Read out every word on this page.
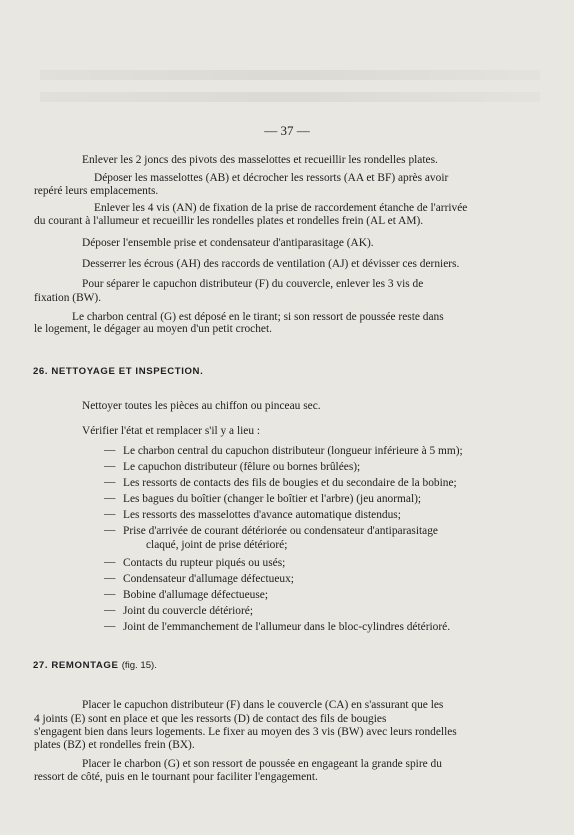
— 37 —
Enlever les 2 joncs des pivots des masselottes et recueillir les rondelles plates.
Déposer les masselottes (AB) et décrocher les ressorts (AA et BF) après avoir
repéré leurs emplacements.
Enlever les 4 vis (AN) de fixation de la prise de raccordement étanche de l'arrivée
du courant à l'allumeur et recueillir les rondelles plates et rondelles frein (AL et AM).
Déposer l'ensemble prise et condensateur d'antiparasitage (AK).
Desserrer les écrous (AH) des raccords de ventilation (AJ) et dévisser ces derniers.
Pour séparer le capuchon distributeur (F) du couvercle, enlever les 3 vis de
fixation (BW).
Le charbon central (G) est déposé en le tirant; si son ressort de poussée reste dans
le logement, le dégager au moyen d'un petit crochet.
26. NETTOYAGE ET INSPECTION.
Nettoyer toutes les pièces au chiffon ou pinceau sec.
Vérifier l'état et remplacer s'il y a lieu :
— Le charbon central du capuchon distributeur (longueur inférieure à 5 mm);
— Le capuchon distributeur (fêlure ou bornes brûlées);
— Les ressorts de contacts des fils de bougies et du secondaire de la bobine;
— Les bagues du boîtier (changer le boîtier et l'arbre) (jeu anormal);
— Les ressorts des masselottes d'avance automatique distendus;
— Prise d'arrivée de courant détériorée ou condensateur d'antiparasitage
claqué, joint de prise détérioré;
— Contacts du rupteur piqués ou usés;
— Condensateur d'allumage défectueux;
— Bobine d'allumage défectueuse;
— Joint du couvercle détérioré;
— Joint de l'emmanchement de l'allumeur dans le bloc-cylindres détérioré.
27. REMONTAGE (fig. 15).
Placer le capuchon distributeur (F) dans le couvercle (CA) en s'assurant que les
4 joints (E) sont en place et que les ressorts (D) de contact des fils de bougies
s'engagent bien dans leurs logements. Le fixer au moyen des 3 vis (BW) avec leurs rondelles
plates (BZ) et rondelles frein (BX).
Placer le charbon (G) et son ressort de poussée en engageant la grande spire du
ressort de côté, puis en le tournant pour faciliter l'engagement.
